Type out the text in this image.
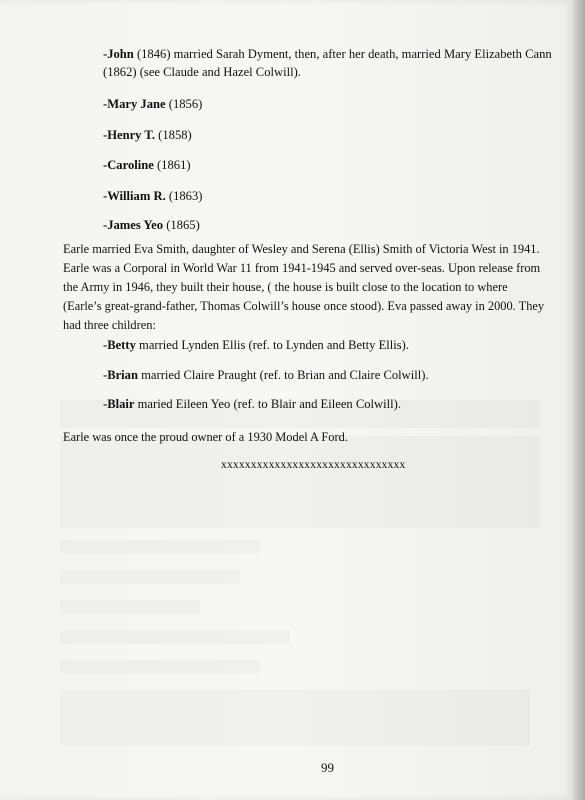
-John (1846) married Sarah Dyment, then, after her death, married Mary Elizabeth Cann
(1862) (see Claude and Hazel Colwill).
-Mary Jane (1856)
-Henry T. (1858)
-Caroline (1861)
-William R. (1863)
-James Yeo (1865)
Earle married Eva Smith, daughter of Wesley and Serena (Ellis) Smith of Victoria West in 1941.
Earle was a Corporal in World War 11 from 1941-1945 and served over-seas. Upon release from
the Army in 1946, they built their house, ( the house is built close to the location to where
(Earle’s great-grand-father, Thomas Colwill’s house once stood). Eva passed away in 2000. They
had three children:
-Betty married Lynden Ellis (ref. to Lynden and Betty Ellis).
-Brian married Claire Praught (ref. to Brian and Claire Colwill).
-Blair maried Eileen Yeo (ref. to Blair and Eileen Colwill).
Earle was once the proud owner of a 1930 Model A Ford.
xxxxxxxxxxxxxxxxxxxxxxxxxxxxxxx
99
